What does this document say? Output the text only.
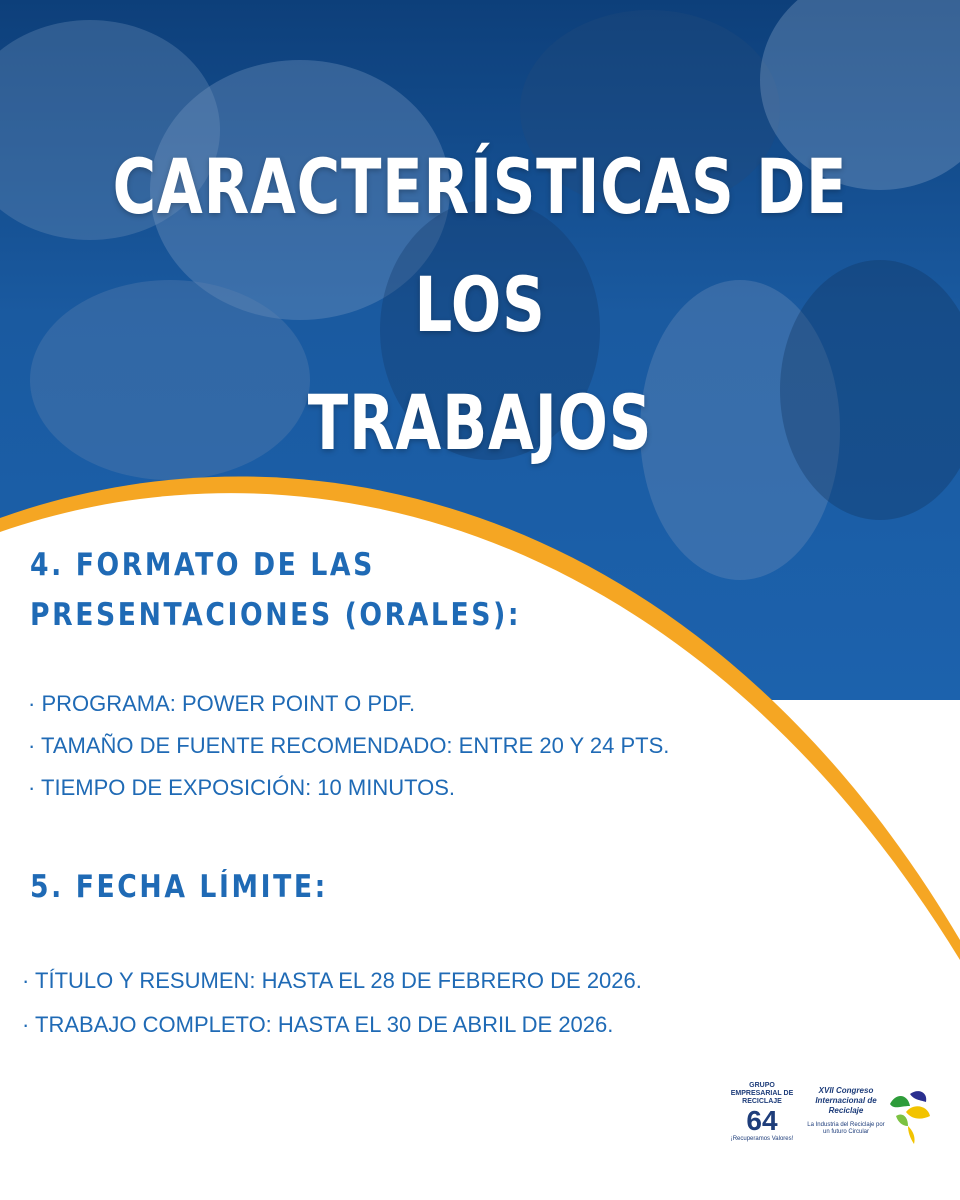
CARACTERÍSTICAS DE LOS
TRABAJOS
4. FORMATO DE LAS
PRESENTACIONES (ORALES):
· PROGRAMA: POWER POINT O PDF.
· TAMAÑO DE FUENTE RECOMENDADO: ENTRE 20 Y 24 PTS.
· TIEMPO DE EXPOSICIÓN: 10 MINUTOS.
5. FECHA LÍMITE:
· TÍTULO Y RESUMEN: HASTA EL 28 DE FEBRERO DE 2026.
· TRABAJO COMPLETO: HASTA EL 30 DE ABRIL DE 2026.
GRUPO EMPRESARIAL DE RECICLAJE
64
¡Recuperamos Valores!
XVII Congreso Internacional de Reciclaje
La Industria del Reciclaje por un futuro Circular
